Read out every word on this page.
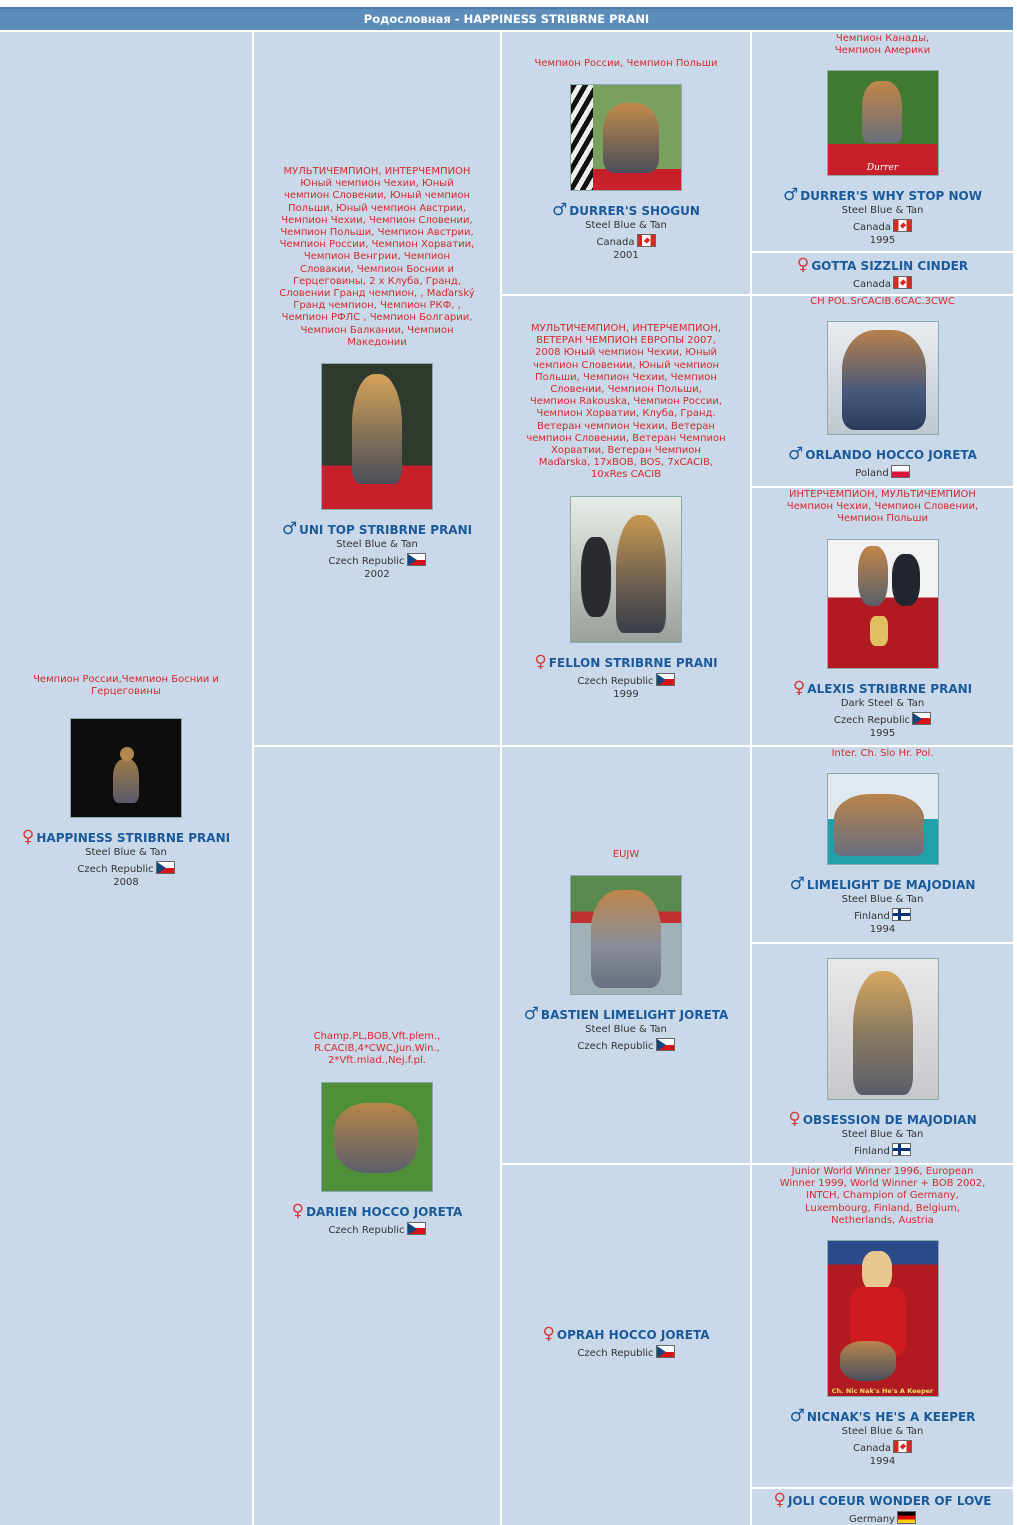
Родословная - HAPPINESS STRIBRNE PRANI
Чемпион России,Чемпион Боснии и Герцеговины
♀ HAPPINESS STRIBRNE PRANI
Steel Blue & Tan
Czech Republic
2008
МУЛЬТИЧЕМПИОН, ИНТЕРЧЕМПИОН Юный чемпион Чехии, Юный чемпион Словении, Юный чемпион Польши, Юный чемпион Австрии, Чемпион Чехии, Чемпион Словении, Чемпион Польши, Чемпион Австрии, Чемпион России, Чемпион Хорватии, Чемпион Венгрии, Чемпион Словакии, Чемпион Боснии и Герцеговины, 2 x Клуба, Гранд, Словении Гранд чемпион, , Maďarský Гранд чемпион, Чемпион РКФ, , Чемпион РФЛС , Чемпион Болгарии, Чемпион Балкании, Чемпион Македонии
♂ UNI TOP STRIBRNE PRANI
Steel Blue & Tan
Czech Republic
2002
Champ.PL,BOB,Vft.plem., R.CACIB,4*CWC,Jun.Win., 2*Vft.mlad.,Nej.f.pl.
♀ DARIEN HOCCO JORETA
Czech Republic
Чемпион России, Чемпион Польши
♂ DURRER'S SHOGUN
Steel Blue & Tan
Canada
2001
МУЛЬТИЧЕМПИОН, ИНТЕРЧЕМПИОН, ВЕТЕРАН ЧЕМПИОН ЕВРОПЫ 2007, 2008 Юный чемпион Чехии, Юный чемпион Словении, Юный чемпион Польши, Чемпион Чехии, Чемпион Словении, Чемпион Польши, Чемпион Rakouska, Чемпион России, Чемпион Хорватии, Клуба, Гранд. Ветеран чемпион Чехии, Ветеран чемпион Словении, Ветеран Чемпион Хорватии, Ветеран Чемпион Maďarska, 17xBOB, BOS, 7xCACIB, 10xRes CACIB
♀ FELLON STRIBRNE PRANI
Czech Republic
1999
EUJW
♂ BASTIEN LIMELIGHT JORETA
Steel Blue & Tan
Czech Republic
♀ OPRAH HOCCO JORETA
Czech Republic
Чемпион Канады, Чемпион Америки
Durrer
♂ DURRER'S WHY STOP NOW
Steel Blue & Tan
Canada
1995
♀ GOTTA SIZZLIN CINDER
Canada
CH POL.SrCACIB.6CAC.3CWC
♂ ORLANDO HOCCO JORETA
Poland
ИНТЕРЧЕМПИОН, МУЛЬТИЧЕМПИОН Чемпион Чехии, Чемпион Словении, Чемпион Польши
♀ ALEXIS STRIBRNE PRANI
Dark Steel & Tan
Czech Republic
1995
Inter. Ch. Slo Hr. Pol.
♂ LIMELIGHT DE MAJODIAN
Steel Blue & Tan
Finland
1994
♀ OBSESSION DE MAJODIAN
Steel Blue & Tan
Finland
Junior World Winner 1996, European Winner 1999, World Winner + BOB 2002, INTCH, Champion of Germany, Luxembourg, Finland, Belgium, Netherlands, Austria
Ch. Nic Nak's He's A Keeper
♂ NICNAK'S HE'S A KEEPER
Steel Blue & Tan
Canada
1994
♀ JOLI COEUR WONDER OF LOVE
Germany
